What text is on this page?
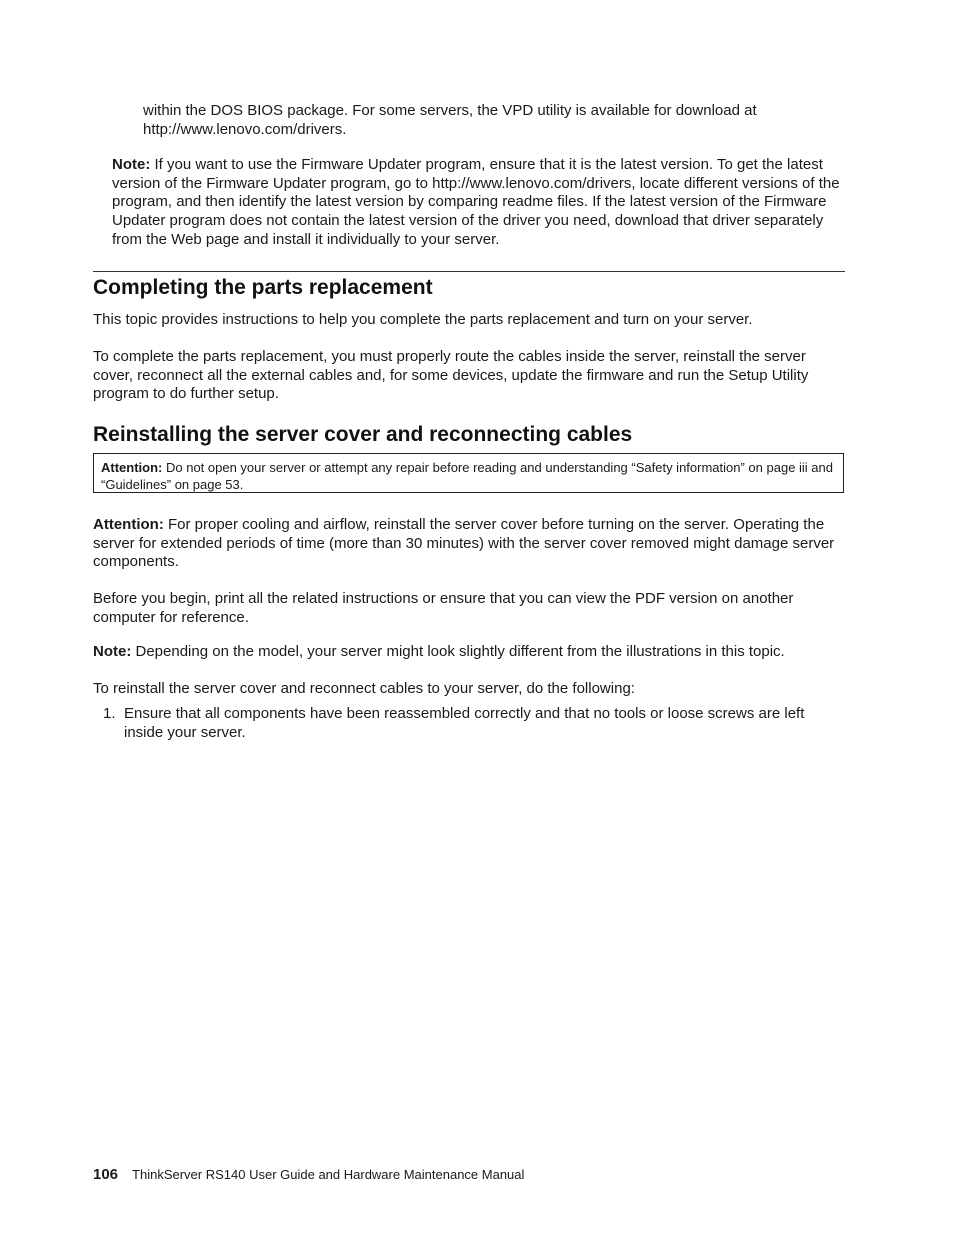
within the DOS BIOS package. For some servers, the VPD utility is available for download at http://www.lenovo.com/drivers.

Note: If you want to use the Firmware Updater program, ensure that it is the latest version. To get the latest version of the Firmware Updater program, go to http://www.lenovo.com/drivers, locate different versions of the program, and then identify the latest version by comparing readme files. If the latest version of the Firmware Updater program does not contain the latest version of the driver you need, download that driver separately from the Web page and install it individually to your server.

Completing the parts replacement

This topic provides instructions to help you complete the parts replacement and turn on your server.

To complete the parts replacement, you must properly route the cables inside the server, reinstall the server cover, reconnect all the external cables and, for some devices, update the firmware and run the Setup Utility program to do further setup.

Reinstalling the server cover and reconnecting cables

Attention: Do not open your server or attempt any repair before reading and understanding “Safety information” on page iii and “Guidelines” on page 53.

Attention: For proper cooling and airflow, reinstall the server cover before turning on the server. Operating the server for extended periods of time (more than 30 minutes) with the server cover removed might damage server components.

Before you begin, print all the related instructions or ensure that you can view the PDF version on another computer for reference.

Note: Depending on the model, your server might look slightly different from the illustrations in this topic.

To reinstall the server cover and reconnect cables to your server, do the following:

1. Ensure that all components have been reassembled correctly and that no tools or loose screws are left inside your server.

106 ThinkServer RS140 User Guide and Hardware Maintenance Manual
